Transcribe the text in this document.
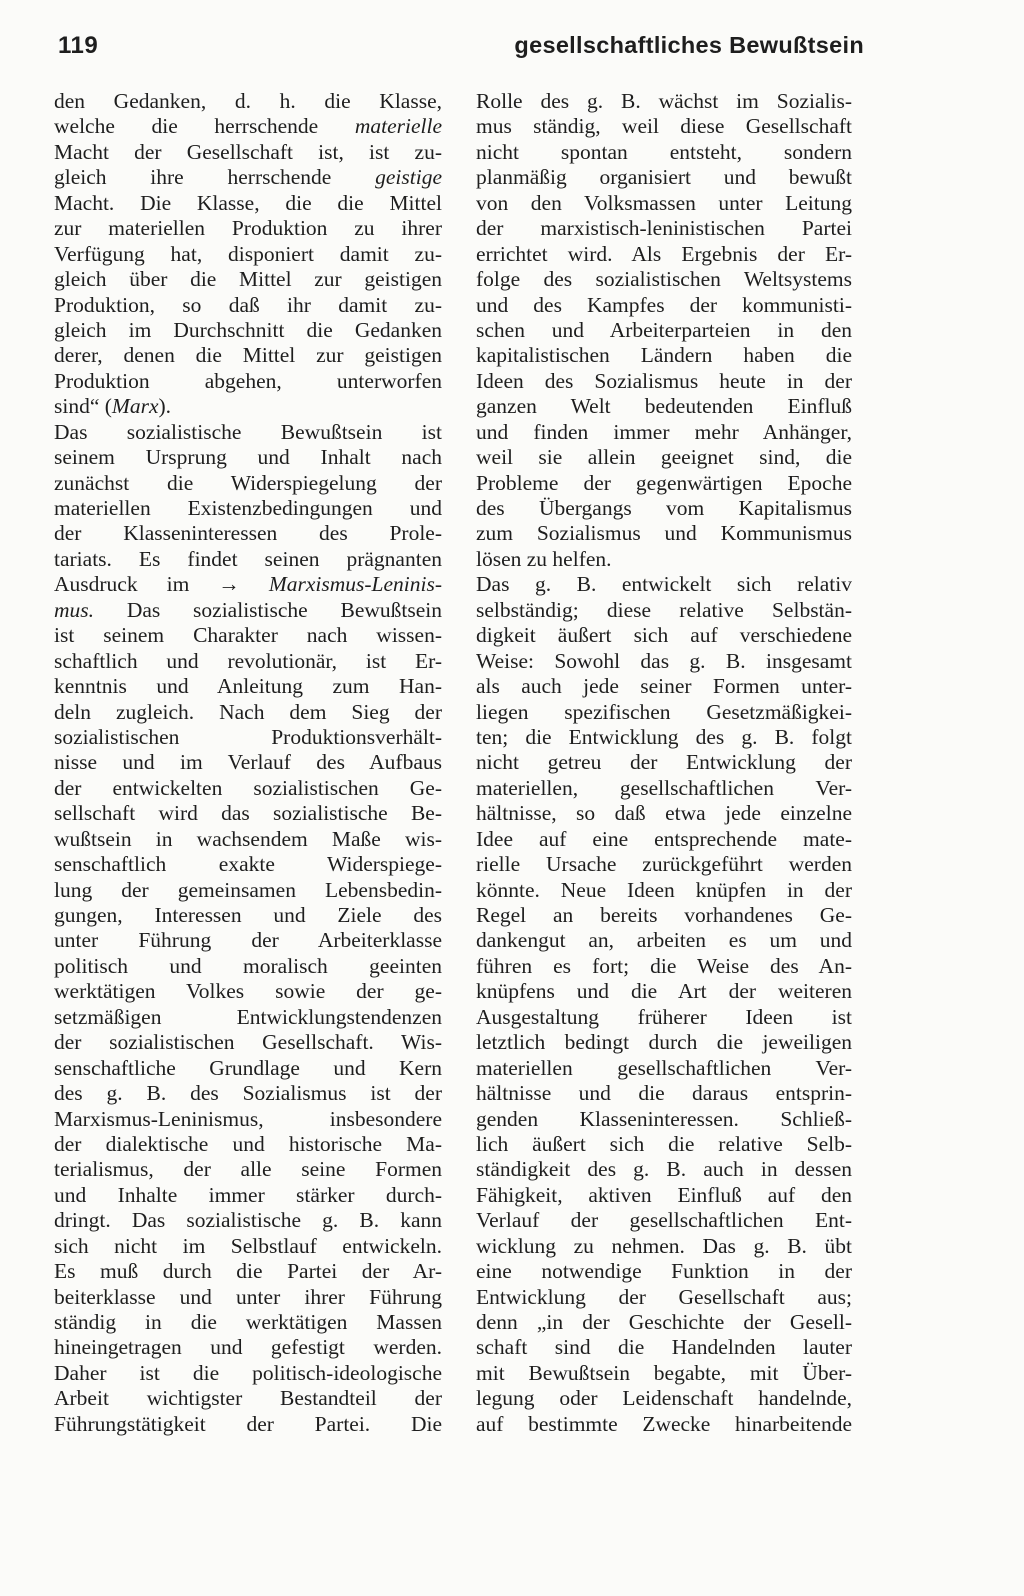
119	gesellschaftliches Bewußtsein
den Gedanken, d. h. die Klasse,
welche die herrschende materielle
Macht der Gesellschaft ist, ist zu-
gleich ihre herrschende geistige
Macht. Die Klasse, die die Mittel
zur materiellen Produktion zu ihrer
Verfügung hat, disponiert damit zu-
gleich über die Mittel zur geistigen
Produktion, so daß ihr damit zu-
gleich im Durchschnitt die Gedanken
derer, denen die Mittel zur geistigen
Produktion abgehen, unterworfen
sind“ (Marx).
Das sozialistische Bewußtsein ist
seinem Ursprung und Inhalt nach
zunächst die Widerspiegelung der
materiellen Existenzbedingungen und
der Klasseninteressen des Prole-
tariats. Es findet seinen prägnanten
Ausdruck im → Marxismus-Leninis-
mus. Das sozialistische Bewußtsein
ist seinem Charakter nach wissen-
schaftlich und revolutionär, ist Er-
kenntnis und Anleitung zum Han-
deln zugleich. Nach dem Sieg der
sozialistischen Produktionsverhält-
nisse und im Verlauf des Aufbaus
der entwickelten sozialistischen Ge-
sellschaft wird das sozialistische Be-
wußtsein in wachsendem Maße wis-
senschaftlich exakte Widerspiege-
lung der gemeinsamen Lebensbedin-
gungen, Interessen und Ziele des
unter Führung der Arbeiterklasse
politisch und moralisch geeinten
werktätigen Volkes sowie der ge-
setzmäßigen Entwicklungstendenzen
der sozialistischen Gesellschaft. Wis-
senschaftliche Grundlage und Kern
des g. B. des Sozialismus ist der
Marxismus-Leninismus, insbesondere
der dialektische und historische Ma-
terialismus, der alle seine Formen
und Inhalte immer stärker durch-
dringt. Das sozialistische g. B. kann
sich nicht im Selbstlauf entwickeln.
Es muß durch die Partei der Ar-
beiterklasse und unter ihrer Führung
ständig in die werktätigen Massen
hineingetragen und gefestigt werden.
Daher ist die politisch-ideologische
Arbeit wichtigster Bestandteil der
Führungstätigkeit der Partei. Die
Rolle des g. B. wächst im Sozialis-
mus ständig, weil diese Gesellschaft
nicht spontan entsteht, sondern
planmäßig organisiert und bewußt
von den Volksmassen unter Leitung
der marxistisch-leninistischen Partei
errichtet wird. Als Ergebnis der Er-
folge des sozialistischen Weltsystems
und des Kampfes der kommunisti-
schen und Arbeiterparteien in den
kapitalistischen Ländern haben die
Ideen des Sozialismus heute in der
ganzen Welt bedeutenden Einfluß
und finden immer mehr Anhänger,
weil sie allein geeignet sind, die
Probleme der gegenwärtigen Epoche
des Übergangs vom Kapitalismus
zum Sozialismus und Kommunismus
lösen zu helfen.
Das g. B. entwickelt sich relativ
selbständig; diese relative Selbstän-
digkeit äußert sich auf verschiedene
Weise: Sowohl das g. B. insgesamt
als auch jede seiner Formen unter-
liegen spezifischen Gesetzmäßigkei-
ten; die Entwicklung des g. B. folgt
nicht getreu der Entwicklung der
materiellen, gesellschaftlichen Ver-
hältnisse, so daß etwa jede einzelne
Idee auf eine entsprechende mate-
rielle Ursache zurückgeführt werden
könnte. Neue Ideen knüpfen in der
Regel an bereits vorhandenes Ge-
dankengut an, arbeiten es um und
führen es fort; die Weise des An-
knüpfens und die Art der weiteren
Ausgestaltung früherer Ideen ist
letztlich bedingt durch die jeweiligen
materiellen gesellschaftlichen Ver-
hältnisse und die daraus entsprin-
genden Klasseninteressen. Schließ-
lich äußert sich die relative Selb-
ständigkeit des g. B. auch in dessen
Fähigkeit, aktiven Einfluß auf den
Verlauf der gesellschaftlichen Ent-
wicklung zu nehmen. Das g. B. übt
eine notwendige Funktion in der
Entwicklung der Gesellschaft aus;
denn „in der Geschichte der Gesell-
schaft sind die Handelnden lauter
mit Bewußtsein begabte, mit Über-
legung oder Leidenschaft handelnde,
auf bestimmte Zwecke hinarbeitende
